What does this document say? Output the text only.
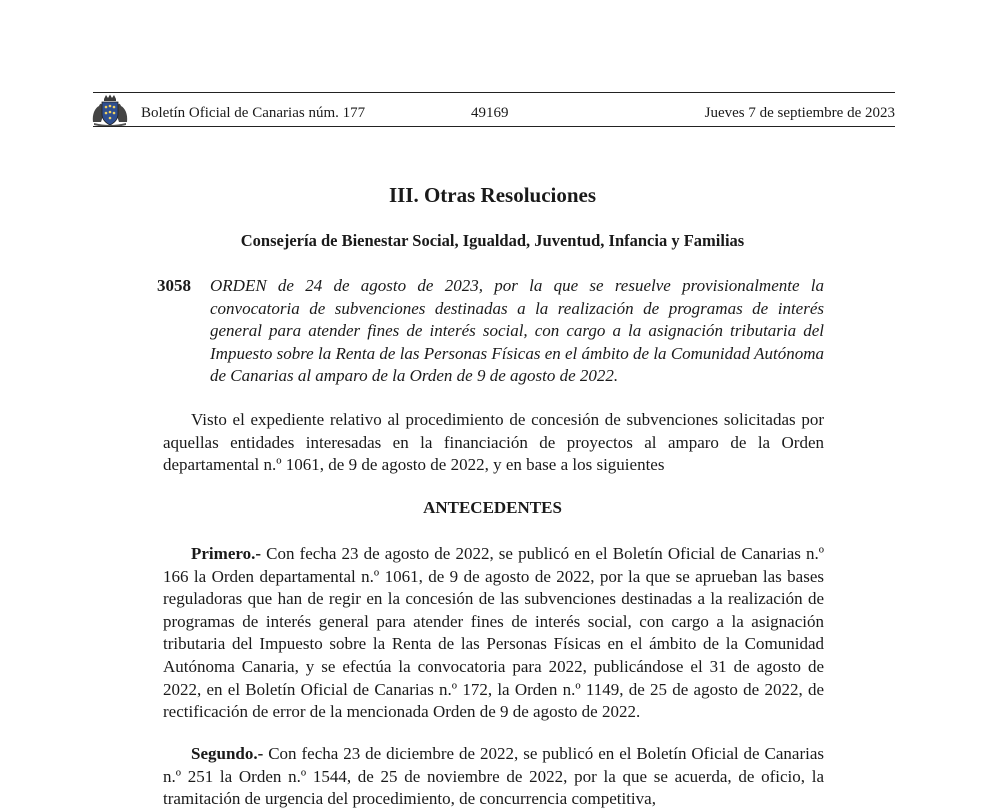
Boletín Oficial de Canarias núm. 177	49169	Jueves 7 de septiembre de 2023
III. Otras Resoluciones
Consejería de Bienestar Social, Igualdad, Juventud, Infancia y Familias
3058 ORDEN de 24 de agosto de 2023, por la que se resuelve provisionalmente la convocatoria de subvenciones destinadas a la realización de programas de interés general para atender fines de interés social, con cargo a la asignación tributaria del Impuesto sobre la Renta de las Personas Físicas en el ámbito de la Comunidad Autónoma de Canarias al amparo de la Orden de 9 de agosto de 2022.

Visto el expediente relativo al procedimiento de concesión de subvenciones solicitadas por aquellas entidades interesadas en la financiación de proyectos al amparo de la Orden departamental n.º 1061, de 9 de agosto de 2022, y en base a los siguientes

ANTECEDENTES

Primero.- Con fecha 23 de agosto de 2022, se publicó en el Boletín Oficial de Canarias n.º 166 la Orden departamental n.º 1061, de 9 de agosto de 2022, por la que se aprueban las bases reguladoras que han de regir en la concesión de las subvenciones destinadas a la realización de programas de interés general para atender fines de interés social, con cargo a la asignación tributaria del Impuesto sobre la Renta de las Personas Físicas en el ámbito de la Comunidad Autónoma Canaria, y se efectúa la convocatoria para 2022, publicándose el 31 de agosto de 2022, en el Boletín Oficial de Canarias n.º 172, la Orden n.º 1149, de 25 de agosto de 2022, de rectificación de error de la mencionada Orden de 9 de agosto de 2022.

Segundo.- Con fecha 23 de diciembre de 2022, se publicó en el Boletín Oficial de Canarias n.º 251 la Orden n.º 1544, de 25 de noviembre de 2022, por la que se acuerda, de oficio, la tramitación de urgencia del procedimiento, de concurrencia competitiva,
